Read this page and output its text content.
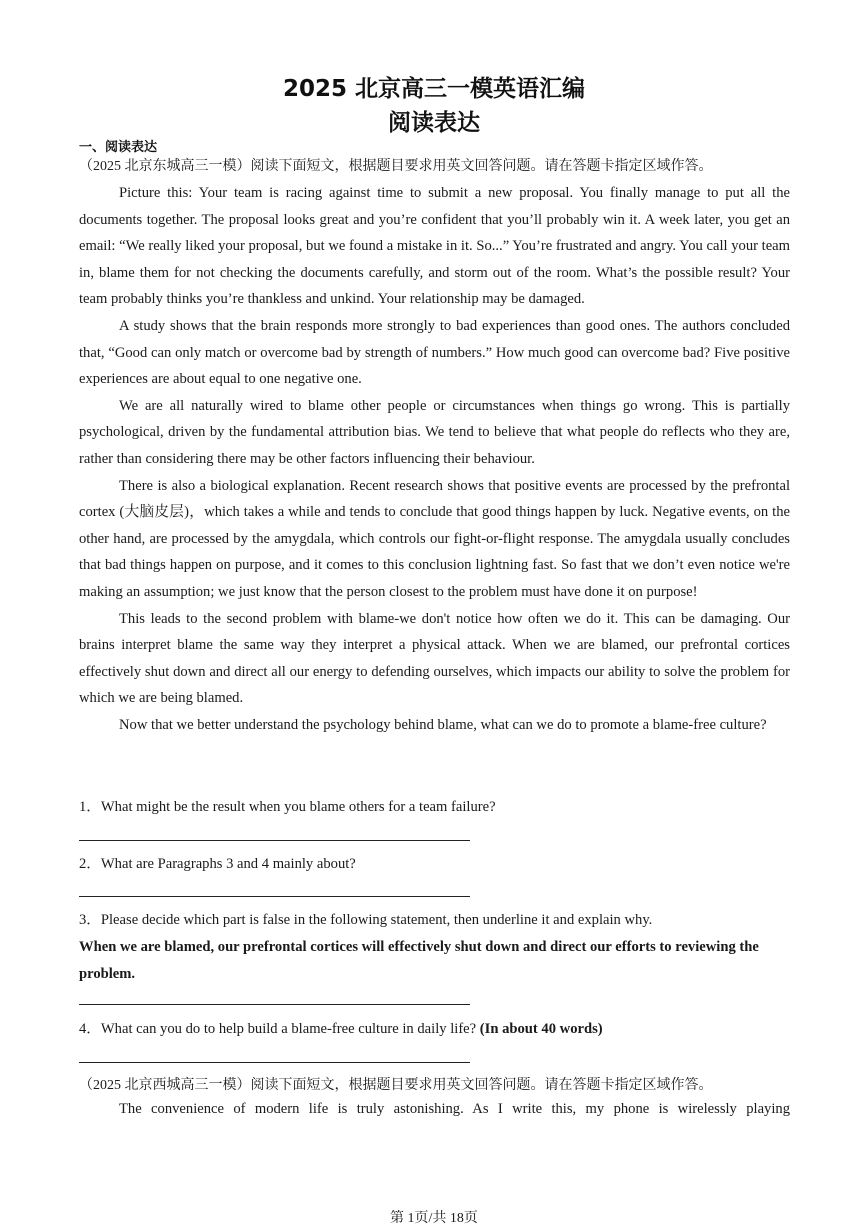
2025 北京高三一模英语汇编
阅读表达
一、阅读表达
（2025 北京东城高三一模）阅读下面短文，根据题目要求用英文回答问题。请在答题卡指定区域作答。

Picture this: Your team is racing against time to submit a new proposal. You finally manage to put all the documents together. The proposal looks great and you’re confident that you’ll probably win it. A week later, you get an email: “We really liked your proposal, but we found a mistake in it. So...” You’re frustrated and angry. You call your team in, blame them for not checking the documents carefully, and storm out of the room. What’s the possible result? Your team probably thinks you’re thankless and unkind. Your relationship may be damaged.

A study shows that the brain responds more strongly to bad experiences than good ones. The authors concluded that, “Good can only match or overcome bad by strength of numbers.” How much good can overcome bad? Five positive experiences are about equal to one negative one.

We are all naturally wired to blame other people or circumstances when things go wrong. This is partially psychological, driven by the fundamental attribution bias. We tend to believe that what people do reflects who they are, rather than considering there may be other factors influencing their behaviour.

There is also a biological explanation. Recent research shows that positive events are processed by the prefrontal cortex (大脑皮层)，which takes a while and tends to conclude that good things happen by luck. Negative events, on the other hand, are processed by the amygdala, which controls our fight-or-flight response. The amygdala usually concludes that bad things happen on purpose, and it comes to this conclusion lightning fast. So fast that we don’t even notice we're making an assumption; we just know that the person closest to the problem must have done it on purpose!

This leads to the second problem with blame-we don't notice how often we do it. This can be damaging. Our brains interpret blame the same way they interpret a physical attack. When we are blamed, our prefrontal cortices effectively shut down and direct all our energy to defending ourselves, which impacts our ability to solve the problem for which we are being blamed.

Now that we better understand the psychology behind blame, what can we do to promote a blame-free culture?

1．What might be the result when you blame others for a team failure?
2．What are Paragraphs 3 and 4 mainly about?
3．Please decide which part is false in the following statement, then underline it and explain why.
When we are blamed, our prefrontal cortices will effectively shut down and direct our efforts to reviewing the problem.
4．What can you do to help build a blame-free culture in daily life? (In about 40 words)
（2025 北京西城高三一模）阅读下面短文，根据题目要求用英文回答问题。请在答题卡指定区域作答。
The convenience of modern life is truly astonishing. As I write this, my phone is wirelessly playing
第 1页/共 18页
